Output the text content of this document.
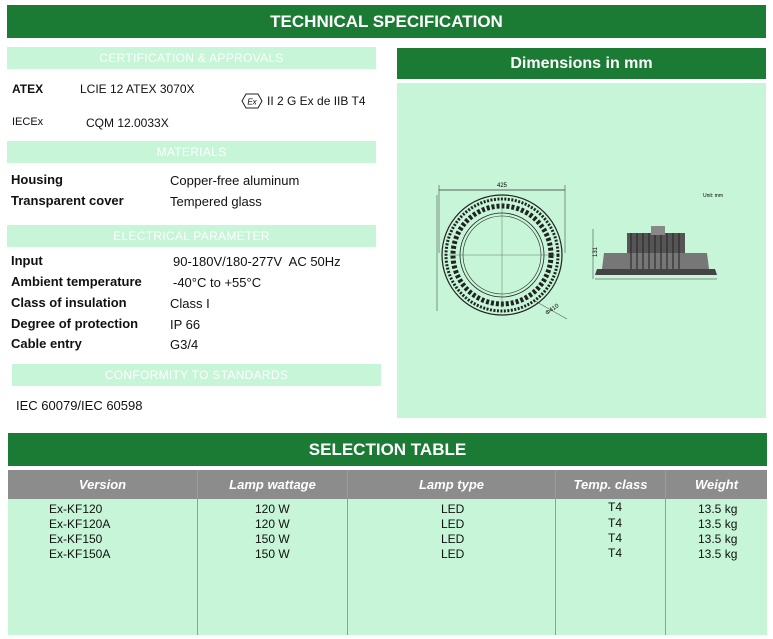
TECHNICAL SPECIFICATION
CERTIFICATION & APPROVALS
ATEX	LCIE 12 ATEX 3070X
Ex II 2 G Ex de IIB T4
IECEx	CQM 12.0033X
MATERIALS
Housing	Copper-free aluminum
Transparent cover	Tempered glass
ELECTRICAL PARAMETER
Input	90-180V/180-277V  AC 50Hz
Ambient temperature -40°C to +55°C
Class of insulation	Class I
Degree of protection IP 66
Cable entry	G3/4
CONFORMITY TO STANDARDS
IEC 60079/IEC 60598
Dimensions in mm
425
Φ410
Unit: mm
131
SELECTION TABLE
Version	Lamp wattage	Lamp type	Temp. class	Weight
Ex-KF120	120 W	LED	T4	13.5 kg
Ex-KF120A	120 W	LED	T4	13.5 kg
Ex-KF150	150 W	LED	T4	13.5 kg
Ex-KF150A	150 W	LED	T4	13.5 kg
